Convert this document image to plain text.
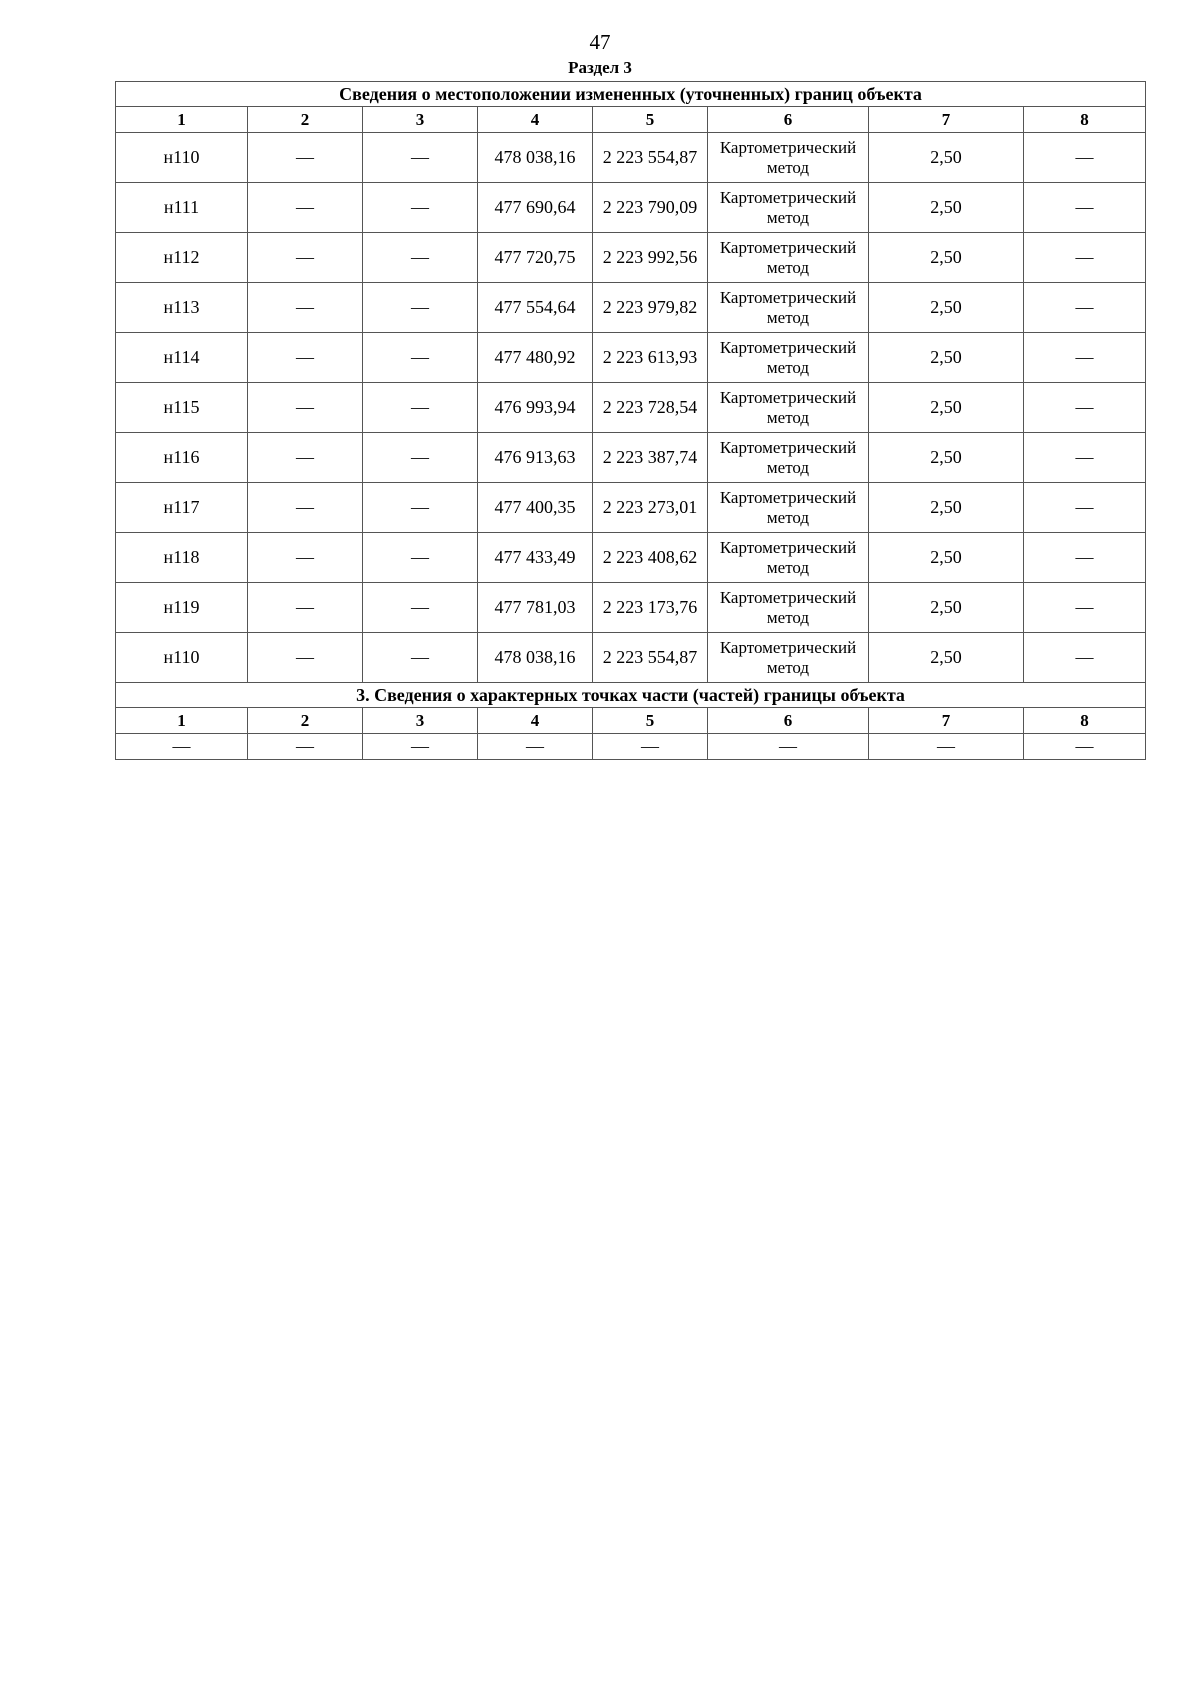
47
Раздел 3
Сведения о местоположении измененных (уточненных) границ объекта							
1	2	3	4	5	6	7	8
н110	—	—	478 038,16	2 223 554,87	Картометрический метод	2,50	—
н111	—	—	477 690,64	2 223 790,09	Картометрический метод	2,50	—
н112	—	—	477 720,75	2 223 992,56	Картометрический метод	2,50	—
н113	—	—	477 554,64	2 223 979,82	Картометрический метод	2,50	—
н114	—	—	477 480,92	2 223 613,93	Картометрический метод	2,50	—
н115	—	—	476 993,94	2 223 728,54	Картометрический метод	2,50	—
н116	—	—	476 913,63	2 223 387,74	Картометрический метод	2,50	—
н117	—	—	477 400,35	2 223 273,01	Картометрический метод	2,50	—
н118	—	—	477 433,49	2 223 408,62	Картометрический метод	2,50	—
н119	—	—	477 781,03	2 223 173,76	Картометрический метод	2,50	—
н110	—	—	478 038,16	2 223 554,87	Картометрический метод	2,50	—
3. Сведения о характерных точках части (частей) границы объекта							
1	2	3	4	5	6	7	8
—	—	—	—	—	—	—	—
